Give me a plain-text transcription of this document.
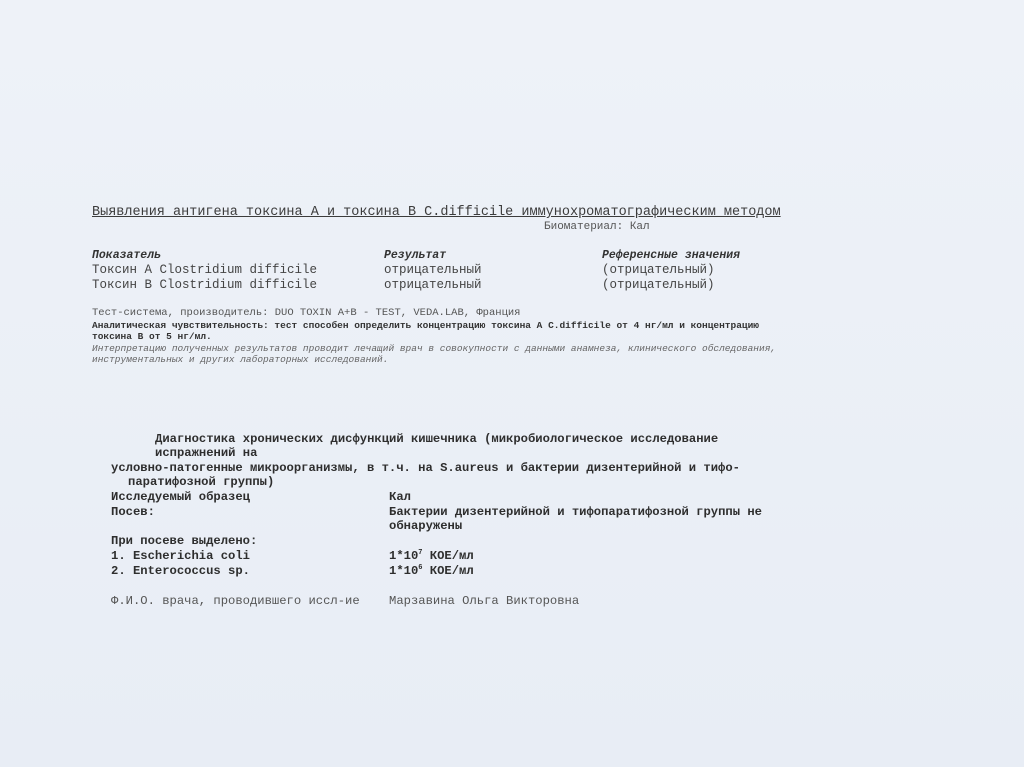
Выявления антигена токсина А и токсина В C.difficile иммунохроматографическим методом
Биоматериал: Кал
Показатель	Результат	Референсные значения
Токсин A Clostridium difficile	отрицательный	(отрицательный)
Токсин B Clostridium difficile	отрицательный	(отрицательный)
Тест-система, производитель: DUO TOXIN A+B - TEST, VEDA.LAB, Франция
Аналитическая чувствительность: тест способен определить концентрацию токсина A C.difficile от 4 нг/мл и концентрацию
токсина B от 5 нг/мл.
Интерпретацию полученных результатов проводит лечащий врач в совокупности с данными анамнеза, клинического обследования,
инструментальных и других лабораторных исследований.
Диагностика хронических дисфункций кишечника (микробиологическое исследование
испражнений на
условно-патогенные микроорганизмы, в т.ч. на S.aureus и бактерии дизентерийной и тифо-
паратифозной группы)
Исследуемый образец	Кал
Посев:	Бактерии дизентерийной и тифопаратифозной группы не
обнаружены
При посеве выделено:
1. Escherichia coli	$1*10^7$ КОЕ/мл
2. Enterococcus sp.	$1*10^6$ КОЕ/мл
Ф.И.О. врача, проводившего иссл-ие Марзавина Ольга Викторовна
